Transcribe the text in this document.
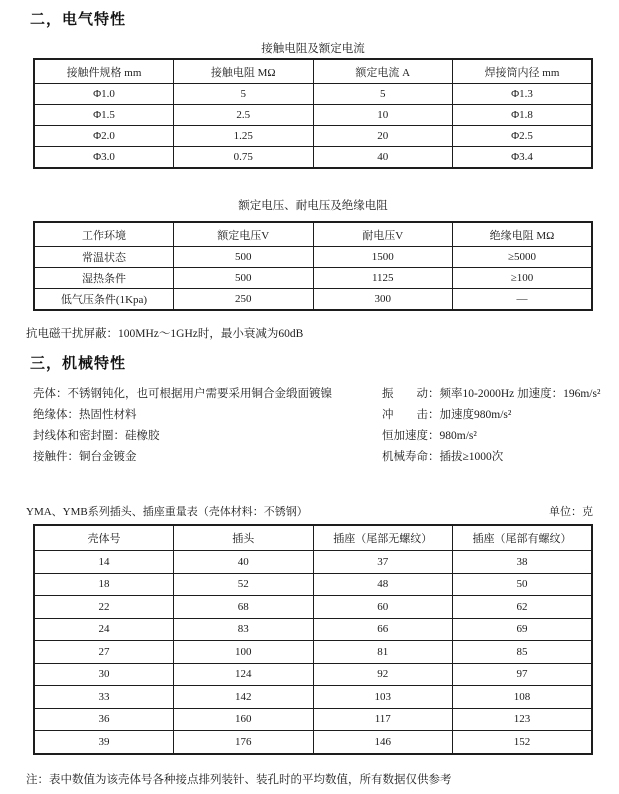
二，电气特性
接触电阻及额定电流
接触件规格 mm	接触电阻 MΩ	额定电流 A	焊接筒内径 mm
Φ1.0	5	5	Φ1.3
Φ1.5	2.5	10	Φ1.8
Φ2.0	1.25	20	Φ2.5
Φ3.0	0.75	40	Φ3.4
额定电压、耐电压及绝缘电阻
工作环境	额定电压V	耐电压V	绝缘电阻 MΩ
常温状态	500	1500	≥5000
湿热条件	500	1125	≥100
低气压条件(1Kpa)	250	300	—
抗电磁干扰屏蔽：100MHz～1GHz时，最小衰减为60dB
三，机械特性
壳体：不锈钢钝化，也可根据用户需要采用铜合金缎面镀镍
绝缘体：热固性材料
封线体和密封圈：硅橡胶
接触件：铜台金镀金
振　　动：频率10-2000Hz 加速度：196m/s²
冲　　击：加速度980m/s²
恒加速度：980m/s²
机械寿命：插拔≥1000次
YMA、YMB系列插头、插座重量表（壳体材料：不锈钢）	单位：克
壳体号	插头	插座（尾部无螺纹）	插座（尾部有螺纹）
14	40	37	38
18	52	48	50
22	68	60	62
24	83	66	69
27	100	81	85
30	124	92	97
33	142	103	108
36	160	117	123
39	176	146	152
注：表中数值为该壳体号各种接点排列装针、装孔时的平均数值，所有数据仅供参考
